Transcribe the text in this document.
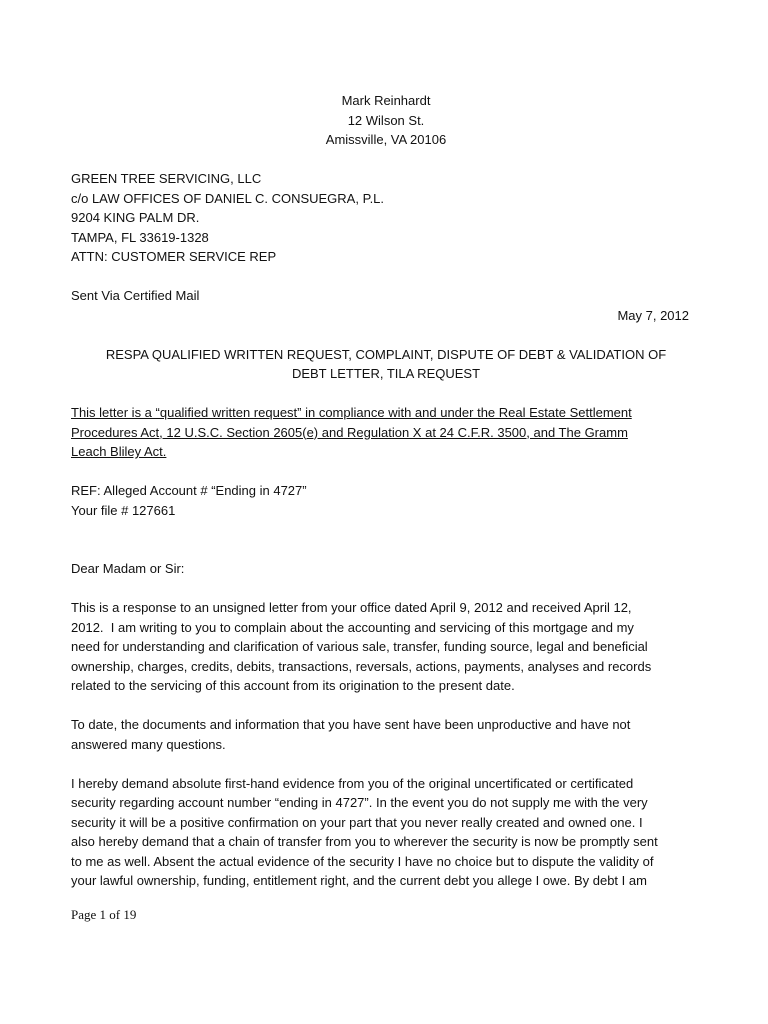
Mark Reinhardt
12 Wilson St.
Amissville, VA 20106
GREEN TREE SERVICING, LLC
c/o LAW OFFICES OF DANIEL C. CONSUEGRA, P.L.
9204 KING PALM DR.
TAMPA, FL 33619-1328
ATTN: CUSTOMER SERVICE REP
Sent Via Certified Mail
May 7, 2012
RESPA QUALIFIED WRITTEN REQUEST, COMPLAINT, DISPUTE OF DEBT & VALIDATION OF
DEBT LETTER, TILA REQUEST
This letter is a “qualified written request” in compliance with and under the Real Estate Settlement
Procedures Act, 12 U.S.C. Section 2605(e) and Regulation X at 24 C.F.R. 3500, and The Gramm
Leach Bliley Act.
REF: Alleged Account # “Ending in 4727”
Your file # 127661
Dear Madam or Sir:
This is a response to an unsigned letter from your office dated April 9, 2012 and received April 12,
2012.  I am writing to you to complain about the accounting and servicing of this mortgage and my
need for understanding and clarification of various sale, transfer, funding source, legal and beneficial
ownership, charges, credits, debits, transactions, reversals, actions, payments, analyses and records
related to the servicing of this account from its origination to the present date.
To date, the documents and information that you have sent have been unproductive and have not
answered many questions.
I hereby demand absolute first-hand evidence from you of the original uncertificated or certificated
security regarding account number “ending in 4727”. In the event you do not supply me with the very
security it will be a positive confirmation on your part that you never really created and owned one. I
also hereby demand that a chain of transfer from you to wherever the security is now be promptly sent
to me as well. Absent the actual evidence of the security I have no choice but to dispute the validity of
your lawful ownership, funding, entitlement right, and the current debt you allege I owe. By debt I am
Page 1 of 19
